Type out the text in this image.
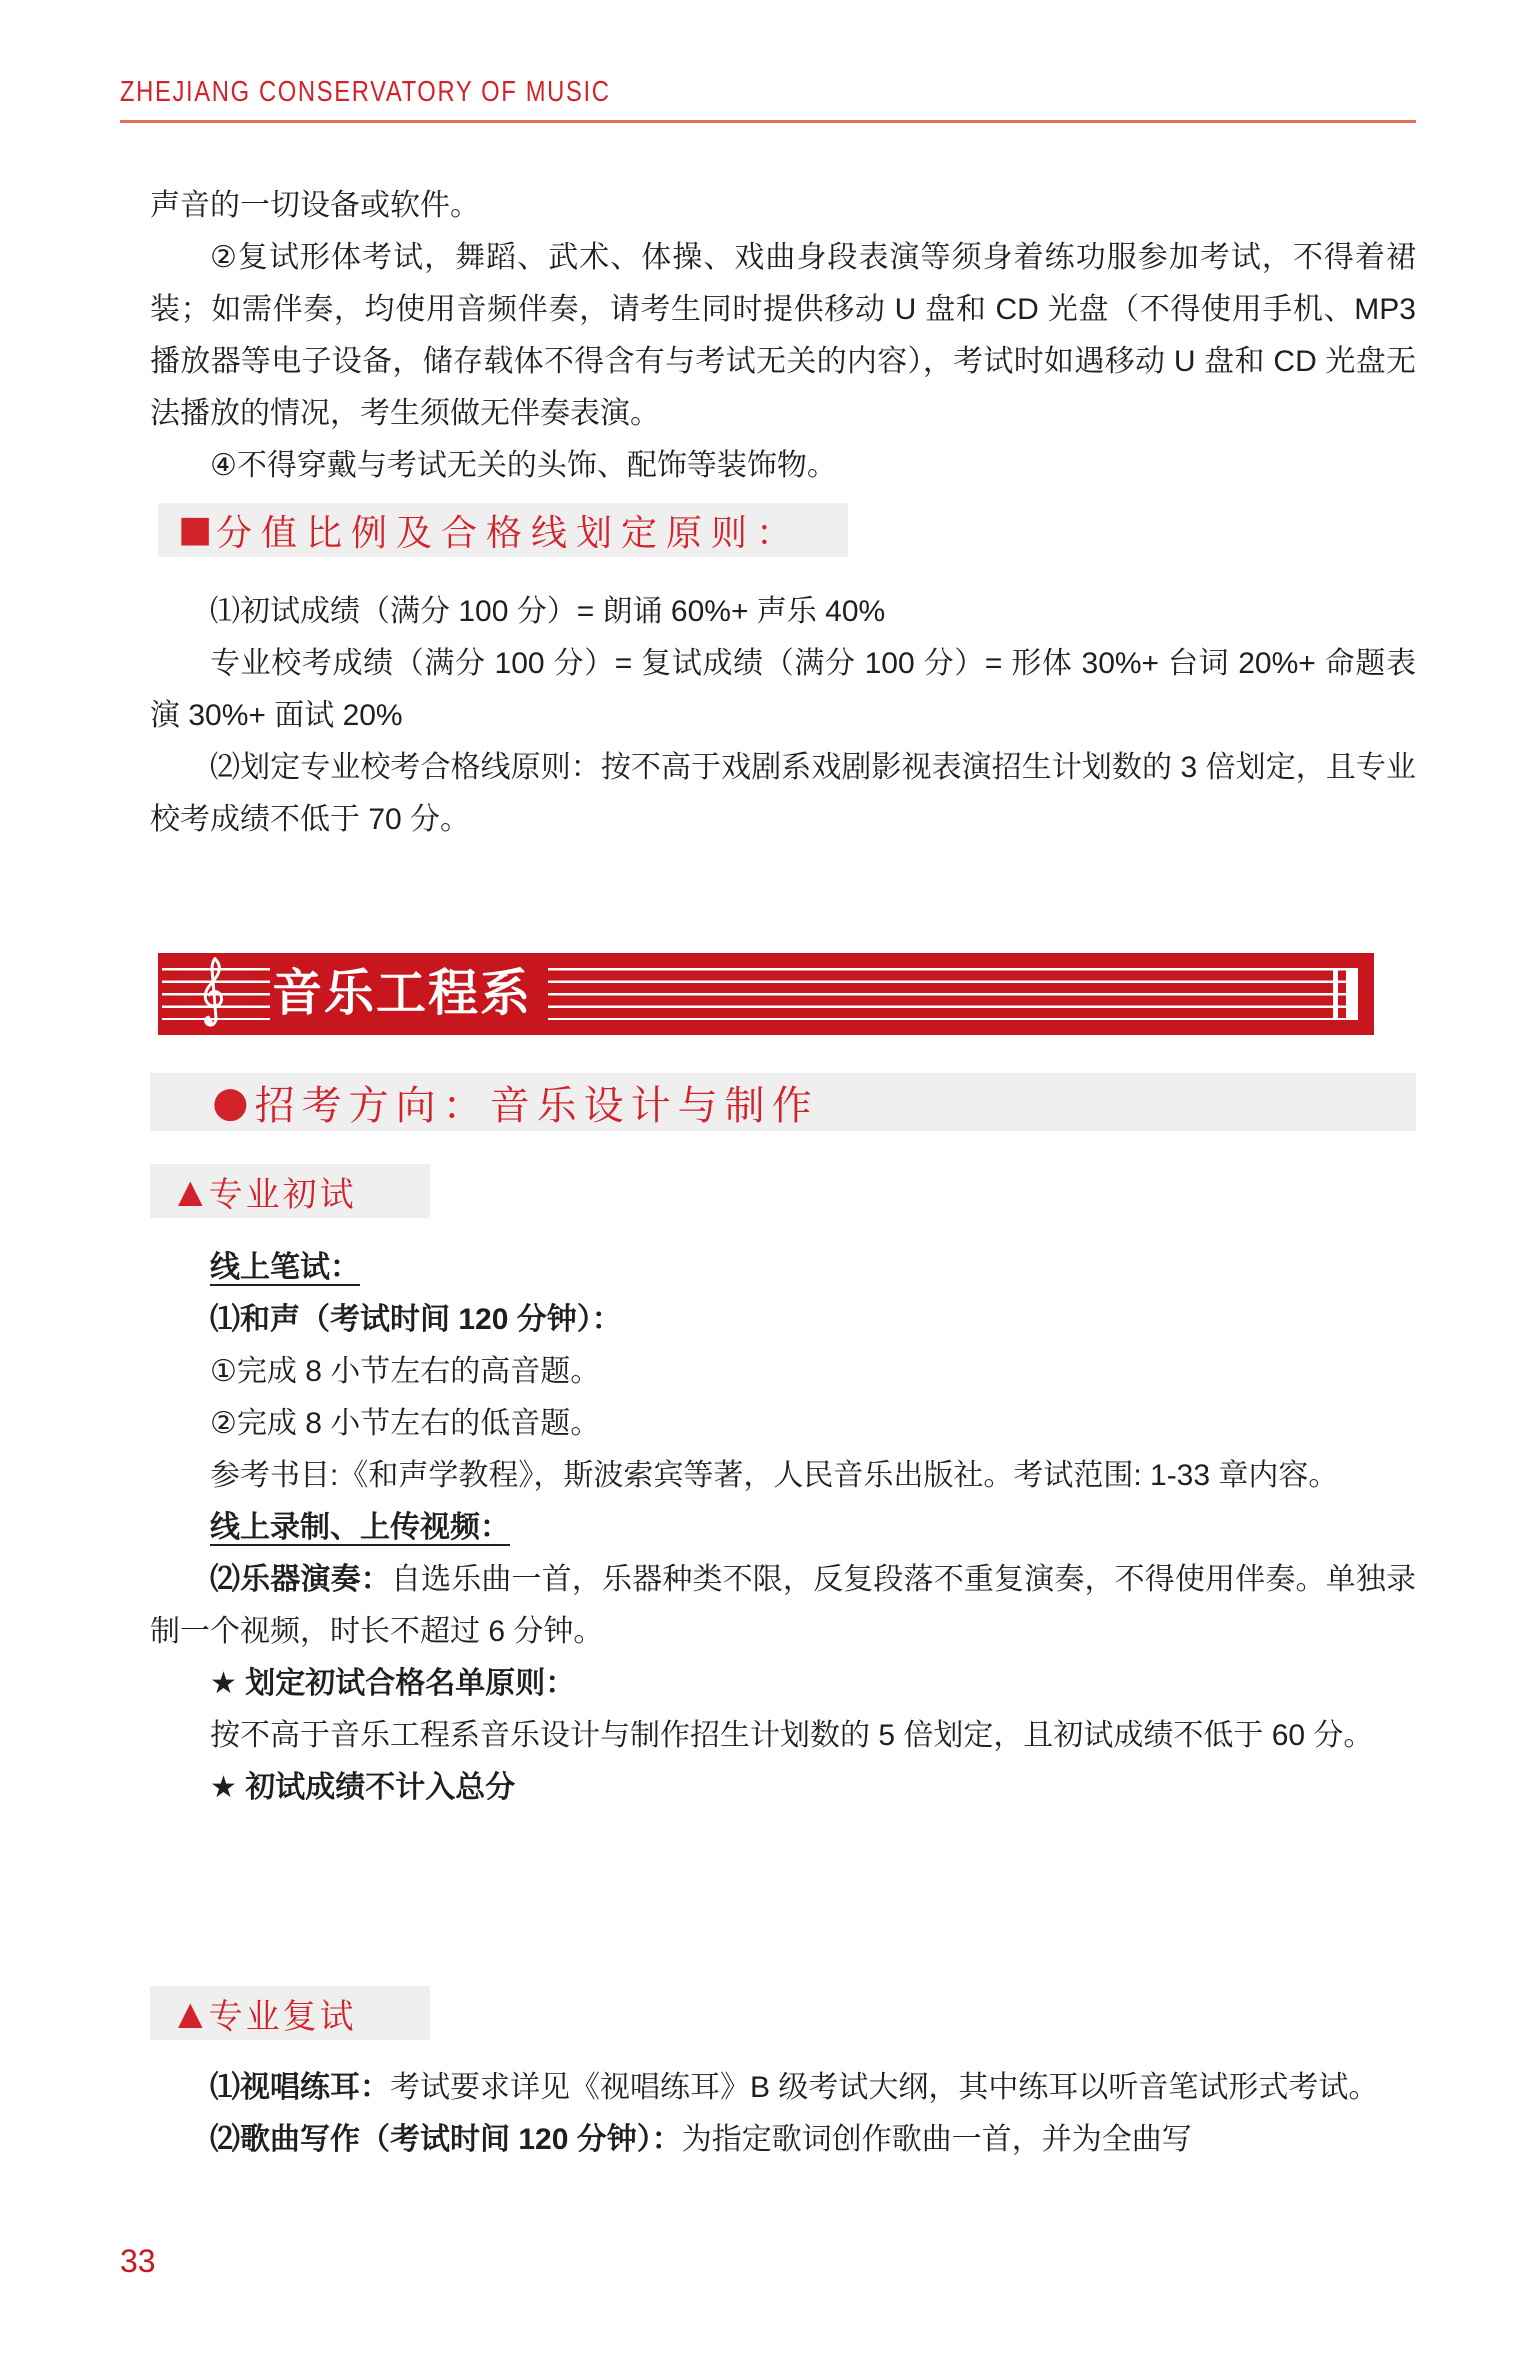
ZHEJIANG CONSERVATORY OF MUSIC

声音的一切设备或软件。

②复试形体考试，舞蹈、武术、体操、戏曲身段表演等须身着练功服参加考试，不得着裙装；如需伴奏，均使用音频伴奏，请考生同时提供移动 U 盘和 CD 光盘（不得使用手机、MP3 播放器等电子设备，储存载体不得含有与考试无关的内容），考试时如遇移动 U 盘和 CD 光盘无法播放的情况，考生须做无伴奏表演。

④不得穿戴与考试无关的头饰、配饰等装饰物。

■ 分值比例及合格线划定原则：

⑴初试成绩（满分 100 分）= 朗诵 60%+ 声乐 40%

专业校考成绩（满分 100 分）= 复试成绩（满分 100 分）= 形体 30%+ 台词 20%+ 命题表演 30%+ 面试 20%

⑵划定专业校考合格线原则：按不高于戏剧系戏剧影视表演招生计划数的 3 倍划定，且专业校考成绩不低于 70 分。

音乐工程系
● 招考方向：音乐设计与制作
▲ 专业初试

线上笔试：

⑴和声（考试时间 120 分钟）：

①完成 8 小节左右的高音题。

②完成 8 小节左右的低音题。

参考书目:《和声学教程》，斯波索宾等著，人民音乐出版社。考试范围: 1-33 章内容。

线上录制、上传视频：

⑵乐器演奏：自选乐曲一首，乐器种类不限，反复段落不重复演奏，不得使用伴奏。单独录制一个视频，时长不超过 6 分钟。

★ 划定初试合格名单原则：

按不高于音乐工程系音乐设计与制作招生计划数的 5 倍划定，且初试成绩不低于 60 分。

★ 初试成绩不计入总分

▲ 专业复试

⑴视唱练耳：考试要求详见《视唱练耳》B 级考试大纲，其中练耳以听音笔试形式考试。

⑵歌曲写作（考试时间 120 分钟）：为指定歌词创作歌曲一首，并为全曲写

33
